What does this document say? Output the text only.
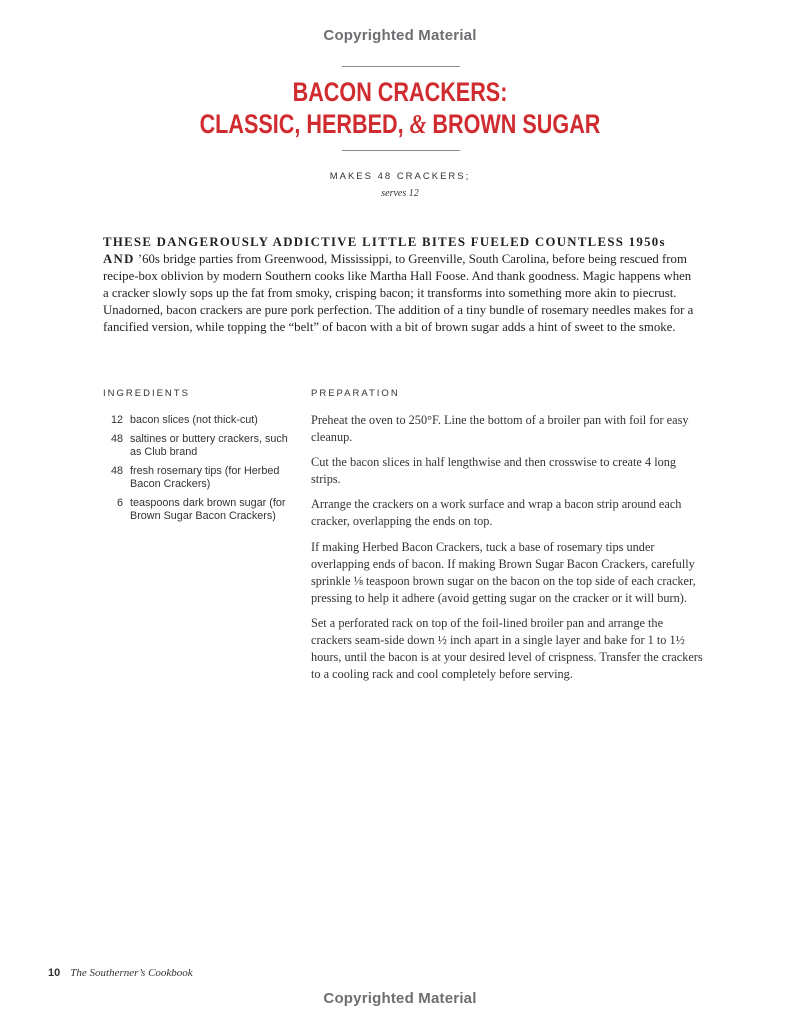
Copyrighted Material
BACON CRACKERS:
CLASSIC, HERBED, & BROWN SUGAR
MAKES 48 CRACKERS;
serves 12

THESE DANGEROUSLY ADDICTIVE LITTLE BITES FUELED COUNTLESS 1950s AND ’60s bridge parties from Greenwood, Mississippi, to Greenville, South Carolina, before being rescued from recipe-box oblivion by modern Southern cooks like Martha Hall Foose. And thank goodness. Magic happens when a cracker slowly sops up the fat from smoky, crisping bacon; it transforms into something more akin to piecrust. Unadorned, bacon crackers are pure pork perfection. The addition of a tiny bundle of rosemary needles makes for a fancified version, while topping the “belt” of bacon with a bit of brown sugar adds a hint of sweet to the smoke.

INGREDIENTS	PREPARATION
12 bacon slices (not thick-cut)
48 saltines or buttery crackers, such as Club brand
48 fresh rosemary tips (for Herbed Bacon Crackers)
6 teaspoons dark brown sugar (for Brown Sugar Bacon Crackers)

Preheat the oven to 250°F. Line the bottom of a broiler pan with foil for easy cleanup.

Cut the bacon slices in half lengthwise and then crosswise to create 4 long strips.

Arrange the crackers on a work surface and wrap a bacon strip around each cracker, overlapping the ends on top.

If making Herbed Bacon Crackers, tuck a base of rosemary tips under overlapping ends of bacon. If making Brown Sugar Bacon Crackers, carefully sprinkle ⅛ teaspoon brown sugar on the bacon on the top side of each cracker, pressing to help it adhere (avoid getting sugar on the cracker or it will burn).

Set a perforated rack on top of the foil-lined broiler pan and arrange the crackers seam-side down ½ inch apart in a single layer and bake for 1 to 1½ hours, until the bacon is at your desired level of crispness. Transfer the crackers to a cooling rack and cool completely before serving.

10 The Southerner’s Cookbook
Copyrighted Material
